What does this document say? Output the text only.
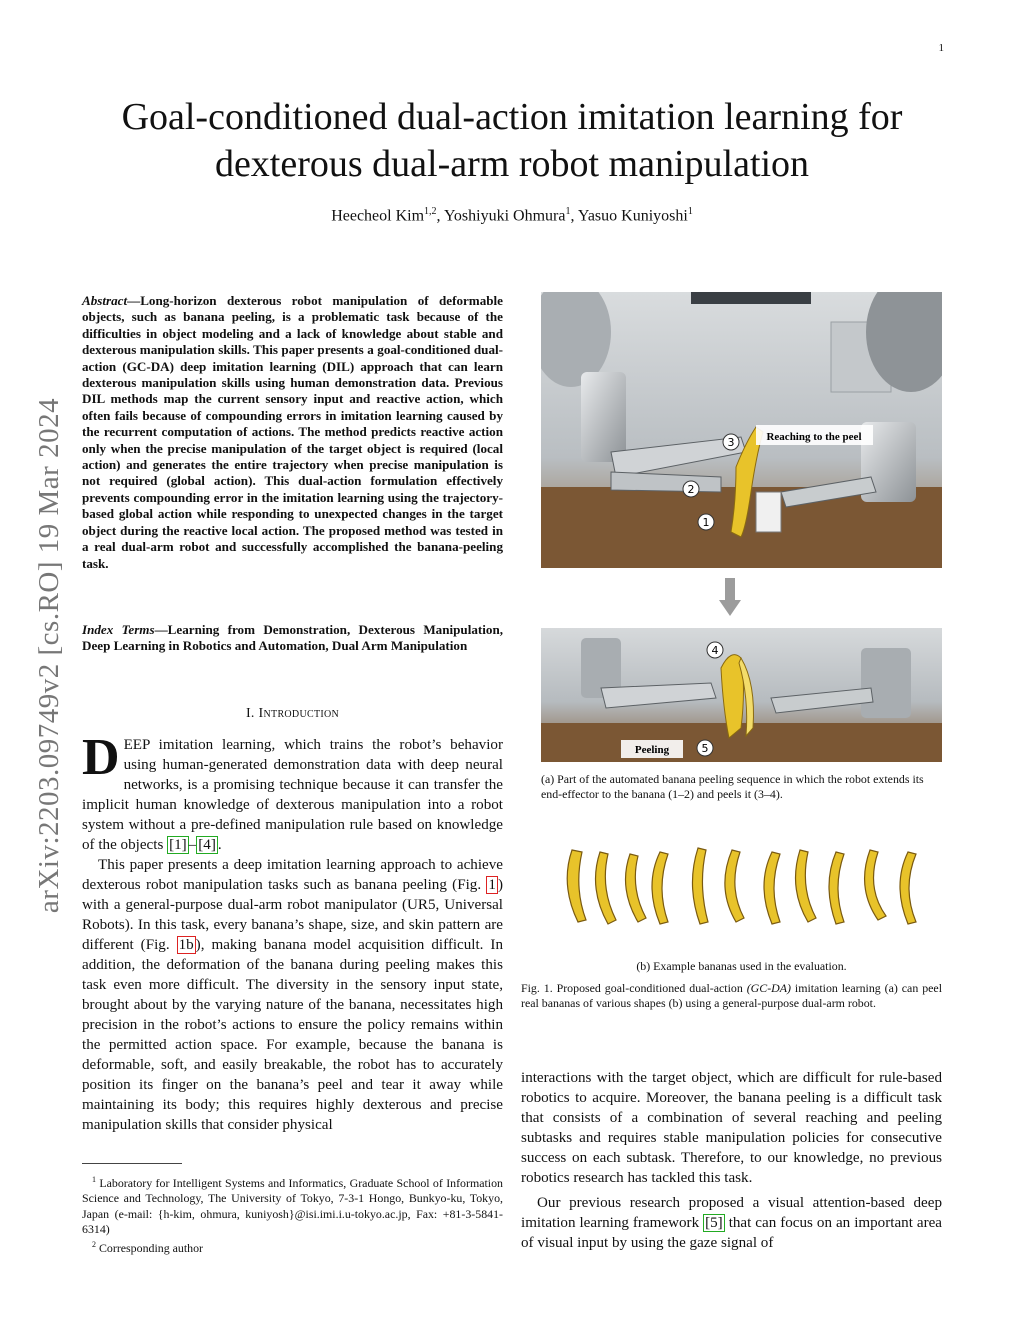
1
arXiv:2203.09749v2 [cs.RO] 19 Mar 2024
Goal-conditioned dual-action imitation learning for dexterous dual-arm robot manipulation
Heecheol Kim$^{1,2}$, Yoshiyuki Ohmura$^1$, Yasuo Kuniyoshi$^1$
Abstract—Long-horizon dexterous robot manipulation of deformable objects, such as banana peeling, is a problematic task because of the difficulties in object modeling and a lack of knowledge about stable and dexterous manipulation skills. This paper presents a goal-conditioned dual-action (GC-DA) deep imitation learning (DIL) approach that can learn dexterous manipulation skills using human demonstration data. Previous DIL methods map the current sensory input and reactive action, which often fails because of compounding errors in imitation learning caused by the recurrent computation of actions. The method predicts reactive action only when the precise manipulation of the target object is required (local action) and generates the entire trajectory when precise manipulation is not required (global action). This dual-action formulation effectively prevents compounding error in the imitation learning using the trajectory-based global action while responding to unexpected changes in the target object during the reactive local action. The proposed method was tested in a real dual-arm robot and successfully accomplished the banana-peeling task.
Index Terms—Learning from Demonstration, Dexterous Manipulation, Deep Learning in Robotics and Automation, Dual Arm Manipulation
I. Introduction

DEEP imitation learning, which trains the robot’s behavior using human-generated demonstration data with deep neural networks, is a promising technique because it can transfer the implicit human knowledge of dexterous manipulation into a robot system without a pre-defined manipulation rule based on knowledge of the objects [1] – [4] .

This paper presents a deep imitation learning approach to achieve dexterous robot manipulation tasks such as banana peeling (Fig. 1 ) with a general-purpose dual-arm robot manipulator (UR5, Universal Robots). In this task, every banana’s shape, size, and skin pattern are different (Fig. 1b ), making banana model acquisition difficult. In addition, the deformation of the banana during peeling makes this task even more difficult. The diversity in the sensory input state, brought about by the varying nature of the banana, necessitates high precision in the robot’s actions to ensure the policy remains within the permitted action space. For example, because the banana is deformable, soft, and easily breakable, the robot has to accurately position its finger on the banana’s peel and tear it away while maintaining its body; this requires highly dexterous and precise manipulation skills that consider physical

$^1$ Laboratory for Intelligent Systems and Informatics, Graduate School of Information Science and Technology, The University of Tokyo, 7-3-1 Hongo, Bunkyo-ku, Tokyo, Japan (e-mail: {h-kim, ohmura, kuniyosh}@isi.imi.i.u-tokyo.ac.jp, Fax: +81-3-5841-6314)
$^2$ Corresponding author
3
2
1
Reaching to the peel
Peeling
4
5
(a) Part of the automated banana peeling sequence in which the robot extends its end-effector to the banana (1–2) and peels it (3–4).
(b) Example bananas used in the evaluation.
Fig. 1. Proposed goal-conditioned dual-action (GC-DA) imitation learning (a) can peel real bananas of various shapes (b) using a general-purpose dual-arm robot.

interactions with the target object, which are difficult for rule-based robotics to acquire. Moreover, the banana peeling is a difficult task that consists of a combination of several reaching and peeling subtasks and requires stable manipulation policies for consecutive success on each subtask. Therefore, to our knowledge, no previous robotics research has tackled this task.

Our previous research proposed a visual attention-based deep imitation learning framework [5] that can focus on an important area of visual input by using the gaze signal of
